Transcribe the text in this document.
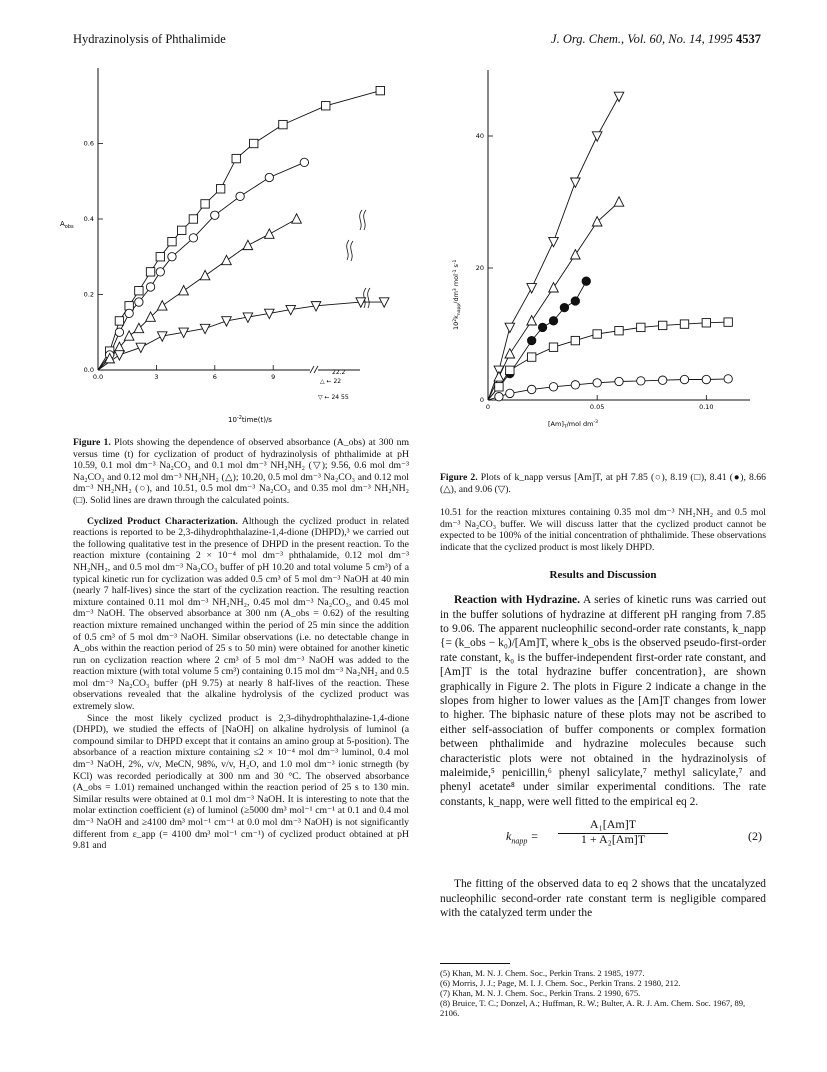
Hydrazinolysis of Phthalimide	J. Org. Chem., Vol. 60, No. 14, 1995 4537
0.0
0.2
0.4
0.6
0.0	3	6	9
$A_{obs}$
$10^{-2}time(t)/s$
22.2
△ ← 22
▽ ← 24 55	0
20
40
0	0.05	0.10
$10^2k_{napp}/dm^3$ mol$^{-1}$ $s^{-1}$
$[Am]_T$/mol $dm^{-3}$

Figure 1. Plots showing the dependence of observed absorbance (A_obs) at 300 nm versus time (t) for cyclization of product of hydrazinolysis of phthalimide at pH 10.59, 0.1 mol dm⁻³ Na₂CO₃ and 0.1 mol dm⁻³ NH₂NH₂ (▽); 9.56, 0.6 mol dm⁻³ Na₂CO₃ and 0.12 mol dm⁻³ NH₂NH₂ (△); 10.20, 0.5 mol dm⁻³ Na₂CO₃ and 0.12 mol dm⁻³ NH₂NH₂ (○), and 10.51, 0.5 mol dm⁻³ Na₂CO₃ and 0.35 mol dm⁻³ NH₂NH₂ (□). Solid lines are drawn through the calculated points.

Cyclized Product Characterization. Although the cyclized product in related reactions is reported to be 2,3-dihydrophthalazine-1,4-dione (DHPD),³ we carried out the following qualitative test in the presence of DHPD in the present reaction. To the reaction mixture (containing 2 × 10⁻⁴ mol dm⁻³ phthalamide, 0.12 mol dm⁻³ NH₂NH₂, and 0.5 mol dm⁻³ Na₂CO₃ buffer of pH 10.20 and total volume 5 cm³) of a typical kinetic run for cyclization was added 0.5 cm³ of 5 mol dm⁻³ NaOH at 40 min (nearly 7 half-lives) since the start of the cyclization reaction. The resulting reaction mixture contained 0.11 mol dm⁻³ NH₂NH₂, 0.45 mol dm⁻³ Na₂CO₃, and 0.45 mol dm⁻³ NaOH. The observed absorbance at 300 nm (A_obs = 0.62) of the resulting reaction mixture remained unchanged within the period of 25 min since the addition of 0.5 cm³ of 5 mol dm⁻³ NaOH. Similar observations (i.e. no detectable change in A_obs within the reaction period of 25 s to 50 min) were obtained for another kinetic run on cyclization reaction where 2 cm³ of 5 mol dm⁻³ NaOH was added to the reaction mixture (with total volume 5 cm³) containing 0.15 mol dm⁻³ Na₂NH₂ and 0.5 mol dm⁻³ Na₂CO₃ buffer (pH 9.75) at nearly 8 half-lives of the reaction. These observations revealed that the alkaline hydrolysis of the cyclized product was extremely slow.

Since the most likely cyclized product is 2,3-dihydrophthalazine-1,4-dione (DHPD), we studied the effects of [NaOH] on alkaline hydrolysis of luminol (a compound similar to DHPD except that it contains an amino group at 5-position). The absorbance of a reaction mixture containing ≤2 × 10⁻⁴ mol dm⁻³ luminol, 0.4 mol dm⁻³ NaOH, 2%, v/v, MeCN, 98%, v/v, H₂O, and 1.0 mol dm⁻³ ionic strnegth (by KCl) was recorded periodically at 300 nm and 30 °C. The observed absorbance (A_obs = 1.01) remained unchanged within the reaction period of 25 s to 130 min. Similar results were obtained at 0.1 mol dm⁻³ NaOH. It is interesting to note that the molar extinction coefficient (ε) of luminol (≥5000 dm³ mol⁻¹ cm⁻¹ at 0.1 and 0.4 mol dm⁻³ NaOH and ≥4100 dm³ mol⁻¹ cm⁻¹ at 0.0 mol dm⁻³ NaOH) is not significantly different from ε_app (= 4100 dm³ mol⁻¹ cm⁻¹) of cyclized product obtained at pH 9.81 and

Figure 2. Plots of k_napp versus [Am]T, at pH 7.85 (○), 8.19 (□), 8.41 (●), 8.66 (△), and 9.06 (▽).

10.51 for the reaction mixtures containing 0.35 mol dm⁻³ NH₂NH₂ and 0.5 mol dm⁻³ Na₂CO₃ buffer. We will discuss latter that the cyclized product cannot be expected to be 100% of the initial concentration of phthalimide. These observations indicate that the cyclized product is most likely DHPD.

Results and Discussion

Reaction with Hydrazine. A series of kinetic runs was carried out in the buffer solutions of hydrazine at different pH ranging from 7.85 to 9.06. The apparent nucleophilic second-order rate constants, k_napp {= (k_obs − k₀)/[Am]T, where k_obs is the observed pseudo-first-order rate constant, k₀ is the buffer-independent first-order rate constant, and [Am]T is the total hydrazine buffer concentration}, are shown graphically in Figure 2. The plots in Figure 2 indicate a change in the slopes from higher to lower values as the [Am]T changes from lower to higher. The biphasic nature of these plots may not be ascribed to either self-association of buffer components or complex formation between phthalimide and hydrazine molecules because such characteristic plots were not obtained in the hydrazinolysis of maleimide,⁵ penicillin,⁶ phenyl salicylate,⁷ methyl salicylate,⁷ and phenyl acetate⁸ under similar experimental conditions. The rate constants, k_napp, were well fitted to the empirical eq 2.

$k_{napp} = \frac{\text{A₁[Am]T}}{\text{1 + A₂[Am]T}}$	(2)

The fitting of the observed data to eq 2 shows that the uncatalyzed nucleophilic second-order rate constant term is negligible compared with the catalyzed term under the

(5) Khan, M. N. J. Chem. Soc., Perkin Trans. 2 1985, 1977.

(6) Morris, J. J.; Page, M. I. J. Chem. Soc., Perkin Trans. 2 1980, 212.

(7) Khan, M. N. J. Chem. Soc., Perkin Trans. 2 1990, 675.

(8) Bruice, T. C.; Donzel, A.; Huffman, R. W.; Bulter, A. R. J. Am. Chem. Soc. 1967, 89, 2106.
